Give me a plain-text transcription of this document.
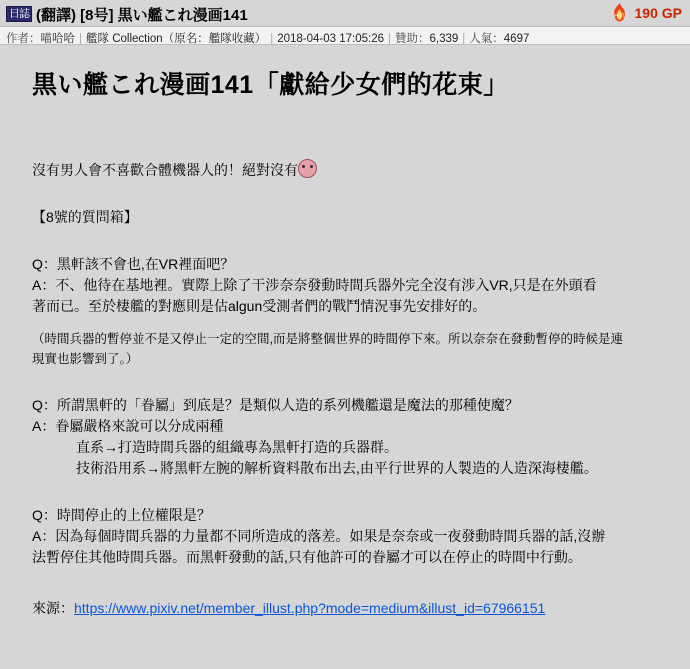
日誌 (翻譯) [8号] 黒い艦これ漫画141	HOT 190 GP
作者：喵哈哈 | 艦隊 Collection（原名：艦隊收藏） | 2018-04-03 17:05:26 | 贊助：6,339 | 人氣：4697
黒い艦これ漫画141「獻給少女們的花束」
沒有男人會不喜歡合體機器人的！絕對沒有
【8號的質問箱】
Q：黑軒該不會也,在VR裡面吧？
A：不、他待在基地裡。實際上除了干涉奈奈發動時間兵器外完全沒有涉入VR,只是在外頭看
著而已。至於棲艦的對應則是估algun受測者們的戰鬥情況事先安排好的。
（時間兵器的暫停並不是又停止一定的空間,而是將整個世界的時間停下來。所以奈奈在發動暫停的時候是連
現實也影響到了。）
Q：所謂黑軒的「眷屬」到底是？是類似人造的系列機艦還是魔法的那種使魔？
A：眷屬嚴格來說可以分成兩種
直系→打造時間兵器的組織專為黑軒打造的兵器群。
技術沿用系→將黑軒左腕的解析資料散布出去,由平行世界的人製造的人造深海棲艦。
Q：時間停止的上位權限是？
A：因為每個時間兵器的力量都不同所造成的落差。如果是奈奈或一夜發動時間兵器的話,沒辦
法暫停住其他時間兵器。而黑軒發動的話,只有他許可的眷屬才可以在停止的時間中行動。
來源：https://www.pixiv.net/member_illust.php?mode=medium&illust_id=67966151
